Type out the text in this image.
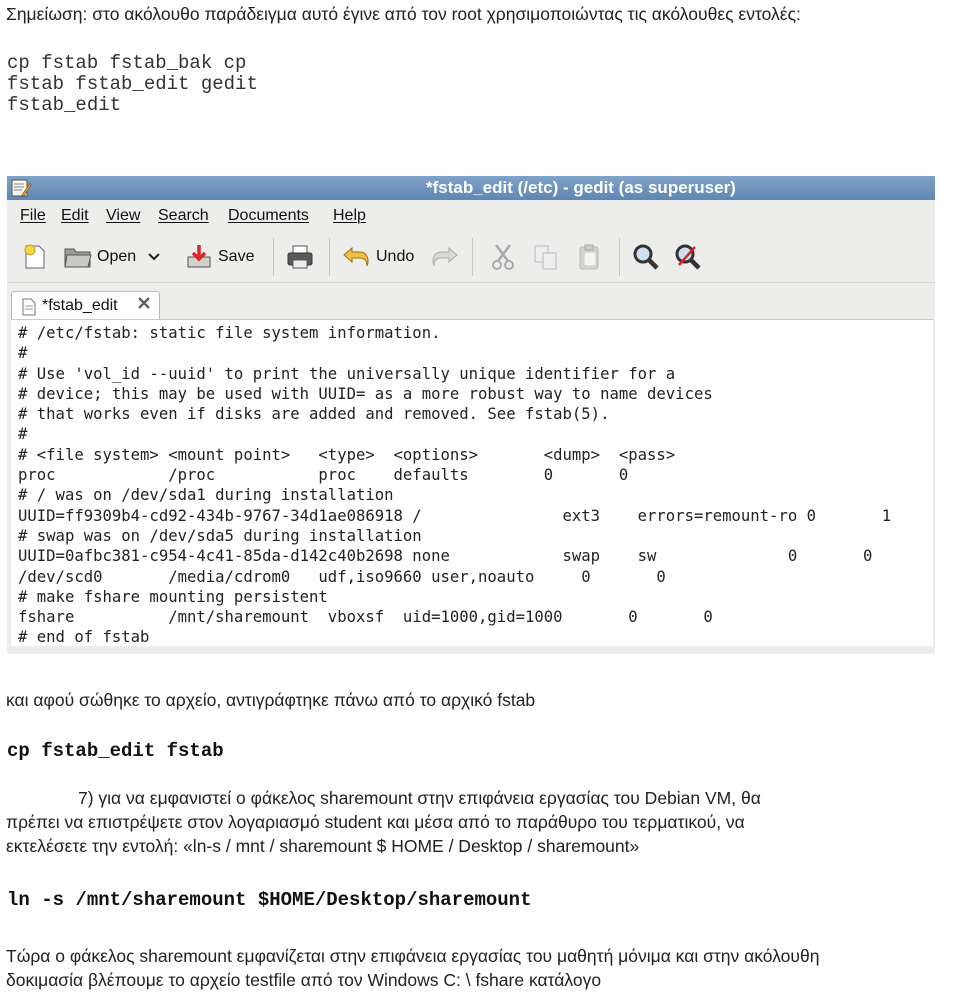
Σημείωση: στο ακόλουθο παράδειγμα αυτό έγινε από τον root χρησιμοποιώντας τις ακόλουθες εντολές:
cp fstab fstab_bak cp
fstab fstab_edit gedit
fstab_edit
*fstab_edit (/etc) - gedit (as superuser)
File Edit View Search Documents Help
Open	Save	Undo
*fstab_edit
# /etc/fstab: static file system information.
#
# Use 'vol_id --uuid' to print the universally unique identifier for a
# device; this may be used with UUID= as a more robust way to name devices
# that works even if disks are added and removed. See fstab(5).
#
# <file system> <mount point>   <type>  <options>       <dump>  <pass>
proc            /proc           proc    defaults        0       0
# / was on /dev/sda1 during installation
UUID=ff9309b4-cd92-434b-9767-34d1ae086918 /               ext3    errors=remount-ro 0       1
# swap was on /dev/sda5 during installation
UUID=0afbc381-c954-4c41-85da-d142c40b2698 none            swap    sw              0       0
/dev/scd0       /media/cdrom0   udf,iso9660 user,noauto     0       0
# make fshare mounting persistent
fshare          /mnt/sharemount  vboxsf  uid=1000,gid=1000       0       0
# end of fstab
και αφού σώθηκε το αρχείο, αντιγράφτηκε πάνω από το αρχικό fstab
cp fstab_edit fstab
7) για να εμφανιστεί ο φάκελος sharemount στην επιφάνεια εργασίας του Debian VM, θα
πρέπει να επιστρέψετε στον λογαριασμό student και μέσα από το παράθυρο του τερματικού, να
εκτελέσετε την εντολή: «ln-s / mnt / sharemount $ HOME / Desktop / sharemount»
ln -s /mnt/sharemount $HOME/Desktop/sharemount
Τώρα ο φάκελος sharemount εμφανίζεται στην επιφάνεια εργασίας του μαθητή μόνιμα και στην ακόλουθη
δοκιμασία βλέπουμε το αρχείο testfile από τον Windows C: \ fshare κατάλογο
